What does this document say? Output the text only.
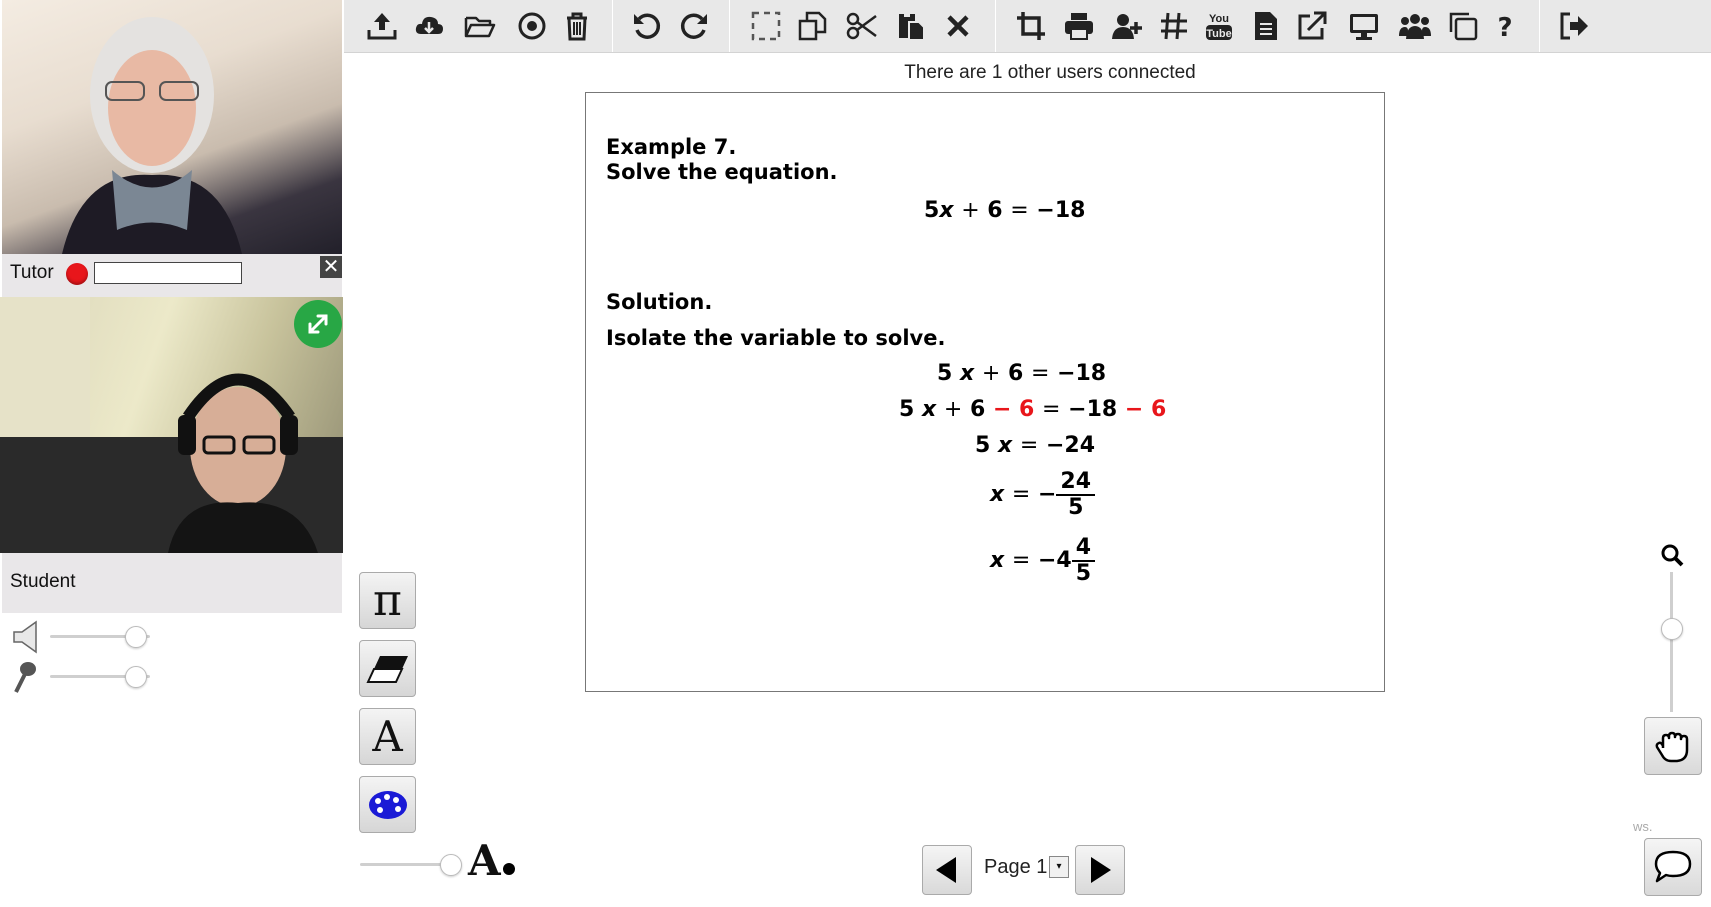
Tutor	✕
Student
You
Tube	?
There are 1 other users connected
Example 7.
Solve the equation.
5x + 6 = −18
Solution.
Isolate the variable to solve.
5 x + 6 = −18
5 x + 6 − 6 = −18 − 6
5 x = −24
x = − $\frac{24}{5}$
$x = -4 \frac{4}{5}$
π
A
A	Page 1 ▾
ws.
